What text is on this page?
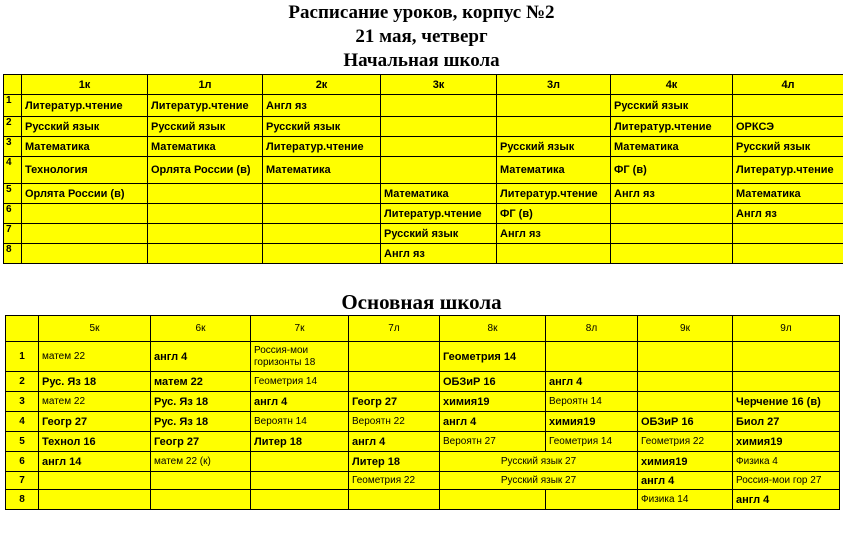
Расписание уроков, корпус №2
21 мая, четверг
Начальная школа
	1к	1л	2к	3к	3л	4к	4л
1	Литератур.чтение	Литератур.чтение	Англ яз			Русский язык	
2	Русский язык	Русский язык	Русский язык			Литератур.чтение	ОРКСЭ
3	Математика	Математика	Литератур.чтение		Русский язык	Математика	Русский язык
4	Технология	Орлята России (в)	Математика		Математика	ФГ (в)	Литератур.чтение
5	Орлята России (в)			Математика	Литератур.чтение	Англ яз	Математика
6				Литератур.чтение	ФГ (в)		Англ яз
7				Русский язык	Англ яз		
8				Англ яз			
Основная школа
	5к	6к	7к	7л	8к	8л	9к	9л
1	матем 22	англ 4	Россия-мои горизонты 18		Геометрия 14			
2	Рус. Яз 18	матем 22	Геометрия 14		ОБЗиР 16	англ 4		
3	матем 22	Рус. Яз 18	англ 4	Геогр 27	химия19	Вероятн 14		Черчение 16 (в)
4	Геогр 27	Рус. Яз 18	Вероятн 14	Вероятн 22	англ 4	химия19	ОБЗиР 16	Биол 27
5	Технол 16	Геогр 27	Литер 18	англ 4	Вероятн 27	Геометрия 14	Геометрия 22	химия19
6	англ 14	матем 22 (к)		Литер 18	Русский язык 27		химия19	Физика 4
7				Геометрия 22	Русский язык 27		англ 4	Россия-мои гор 27
8							Физика 14	англ 4
